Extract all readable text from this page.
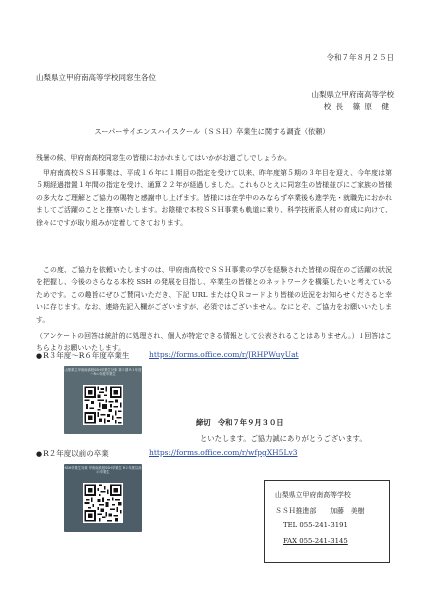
令和７年８月２５日
山梨県立甲府南高等学校同窓生各位
山梨県立甲府南高等学校
校 長　篠 原　健
スーパーサイエンスハイスクール（ＳＳＨ）卒業生に関する調査（依頼）
残暑の候、甲府南高校同窓生の皆様におかれましてはいかがお過ごしでしょうか。
甲府南高校ＳＳＨ事業は、平成１６年に１期目の指定を受けて以来、昨年度第５期の３年目を迎え、今年度は第５期経過措置１年間の指定を受け、通算２２年が経過しました。これもひとえに同窓生の皆様並びにご家族の皆様の多大なご理解とご協力の賜物と感謝申し上げます。皆様には在学中のみならず卒業後も進学先・就職先におかれましてご活躍のことと推察いたします。お陰様で本校ＳＳＨ事業も軌道に乗り、科学技術系人材の育成に向けて、徐々にですが取り組みが定着してきております。
この度、ご協力を依頼いたしますのは、甲府南高校でＳＳＨ事業の学びを経験された皆様の現在のご活躍の状況を把握し、今後のさらなる本校 SSH の発展を目指し、卒業生の皆様とのネットワークを構築したいと考えているためです。この趣旨にぜひご賛同いただき、下記 URL またはＱＲコードより皆様の近況をお知らせくださると幸いに存じます。なお、連絡先記入欄がございますが、必須ではございません。なにとぞ、ご協力をお願いいたします。
（アンケートの回答は統計的に処理され、個人が特定できる情報として公表されることはありません。）↓回答はこちらよりお願いいたします。
●R３年度～R６年度卒業生	https://forms.office.com/r/JRHPWuyUat
山梨県立甲府南高校SSH卒業生対象 第５期 R３年度～R６年度卒業生
締切　令和７年９月３０日
といたします。ご協力誠にありがとうございます。
●R２年度以前の卒業	https://forms.office.com/r/wfpgXH5Lv3
SSH卒業生対象 甲府南高校SSH卒業生 R２年度以前の卒業生
山梨県立甲府南高等学校
ＳＳＨ推進部　　加藤　美樹
TEL 055-241-3191
FAX 055-241-3145
